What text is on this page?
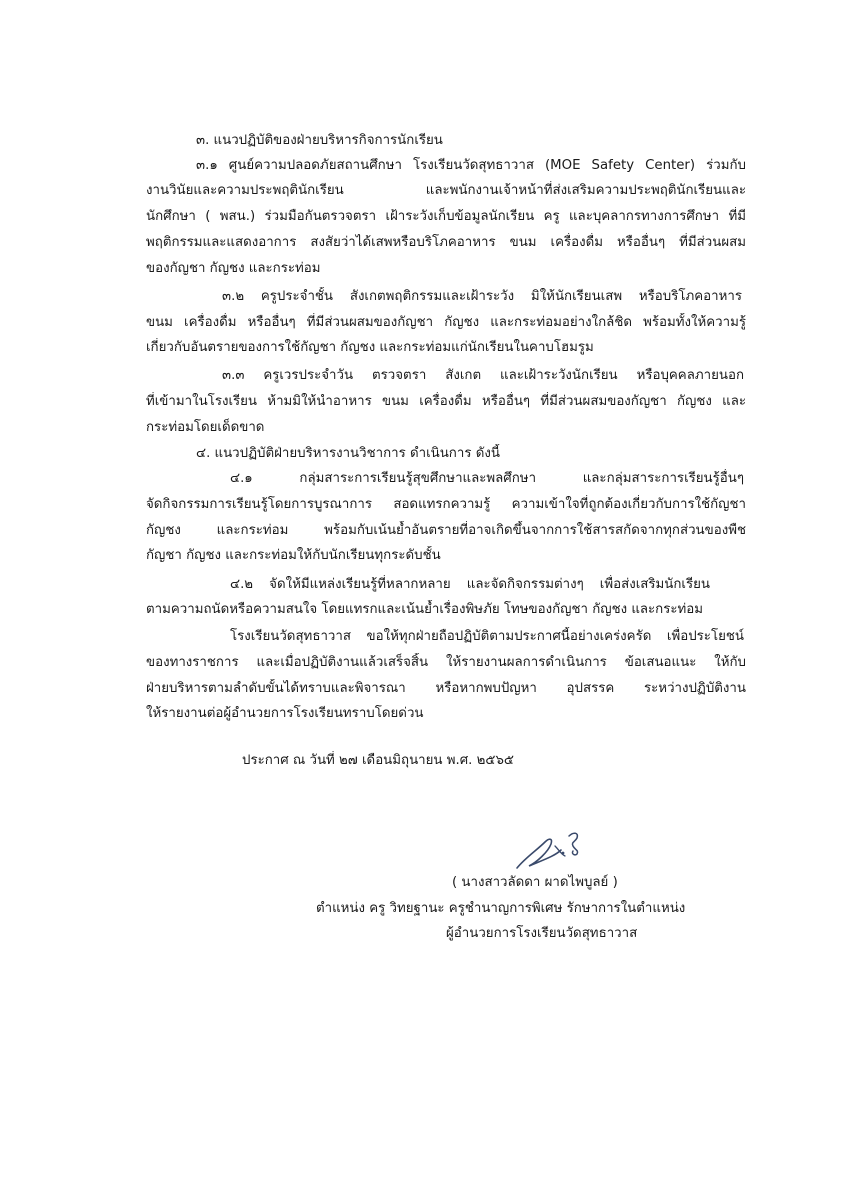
๓. แนวปฏิบัติของฝ่ายบริหารกิจการนักเรียน
๓.๑ ศูนย์ความปลอดภัยสถานศึกษา โรงเรียนวัดสุทธาวาส (MOE Safety Center) ร่วมกับ
งานวินัยและความประพฤตินักเรียน และพนักงานเจ้าหน้าที่ส่งเสริมความประพฤตินักเรียนและ
นักศึกษา ( พสน.) ร่วมมือกันตรวจตรา เฝ้าระวังเก็บข้อมูลนักเรียน ครู และบุคลากรทางการศึกษา ที่มี
พฤติกรรมและแสดงอาการ สงสัยว่าได้เสพหรือบริโภคอาหาร ขนม เครื่องดื่ม หรืออื่นๆ ที่มีส่วนผสม
ของกัญชา กัญชง และกระท่อม
๓.๒ ครูประจำชั้น สังเกตพฤติกรรมและเฝ้าระวัง มิให้นักเรียนเสพ หรือบริโภคอาหาร
ขนม เครื่องดื่ม หรืออื่นๆ ที่มีส่วนผสมของกัญชา กัญชง และกระท่อมอย่างใกล้ชิด พร้อมทั้งให้ความรู้
เกี่ยวกับอันตรายของการใช้กัญชา กัญชง และกระท่อมแก่นักเรียนในคาบโฮมรูม
๓.๓ ครูเวรประจำวัน ตรวจตรา สังเกต และเฝ้าระวังนักเรียน หรือบุคคลภายนอก
ที่เข้ามาในโรงเรียน ห้ามมิให้นำอาหาร ขนม เครื่องดื่ม หรืออื่นๆ ที่มีส่วนผสมของกัญชา กัญชง และ
กระท่อมโดยเด็ดขาด
๔. แนวปฏิบัติฝ่ายบริหารงานวิชาการ ดำเนินการ ดังนี้
๔.๑ กลุ่มสาระการเรียนรู้สุขศึกษาและพลศึกษา และกลุ่มสาระการเรียนรู้อื่นๆ
จัดกิจกรรมการเรียนรู้โดยการบูรณาการ สอดแทรกความรู้ ความเข้าใจที่ถูกต้องเกี่ยวกับการใช้กัญชา
กัญชง และกระท่อม พร้อมกับเน้นย้ำอันตรายที่อาจเกิดขึ้นจากการใช้สารสกัดจากทุกส่วนของพืช
กัญชา กัญชง และกระท่อมให้กับนักเรียนทุกระดับชั้น
๔.๒ จัดให้มีแหล่งเรียนรู้ที่หลากหลาย และจัดกิจกรรมต่างๆ เพื่อส่งเสริมนักเรียน
ตามความถนัดหรือความสนใจ โดยแทรกและเน้นย้ำเรื่องพิษภัย โทษของกัญชา กัญชง และกระท่อม
โรงเรียนวัดสุทธาวาส ขอให้ทุกฝ่ายถือปฏิบัติตามประกาศนี้อย่างเคร่งครัด เพื่อประโยชน์
ของทางราชการ และเมื่อปฏิบัติงานแล้วเสร็จสิ้น ให้รายงานผลการดำเนินการ ข้อเสนอแนะ ให้กับ
ฝ่ายบริหารตามลำดับขั้นได้ทราบและพิจารณา หรือหากพบปัญหา อุปสรรค ระหว่างปฏิบัติงาน
ให้รายงานต่อผู้อำนวยการโรงเรียนทราบโดยด่วน
ประกาศ ณ วันที่ ๒๗ เดือนมิถุนายน พ.ศ. ๒๕๖๕
( นางสาวลัดดา ผาดไพบูลย์ )
ตำแหน่ง ครู วิทยฐานะ ครูชำนาญการพิเศษ รักษาการในตำแหน่ง
ผู้อำนวยการโรงเรียนวัดสุทธาวาส
